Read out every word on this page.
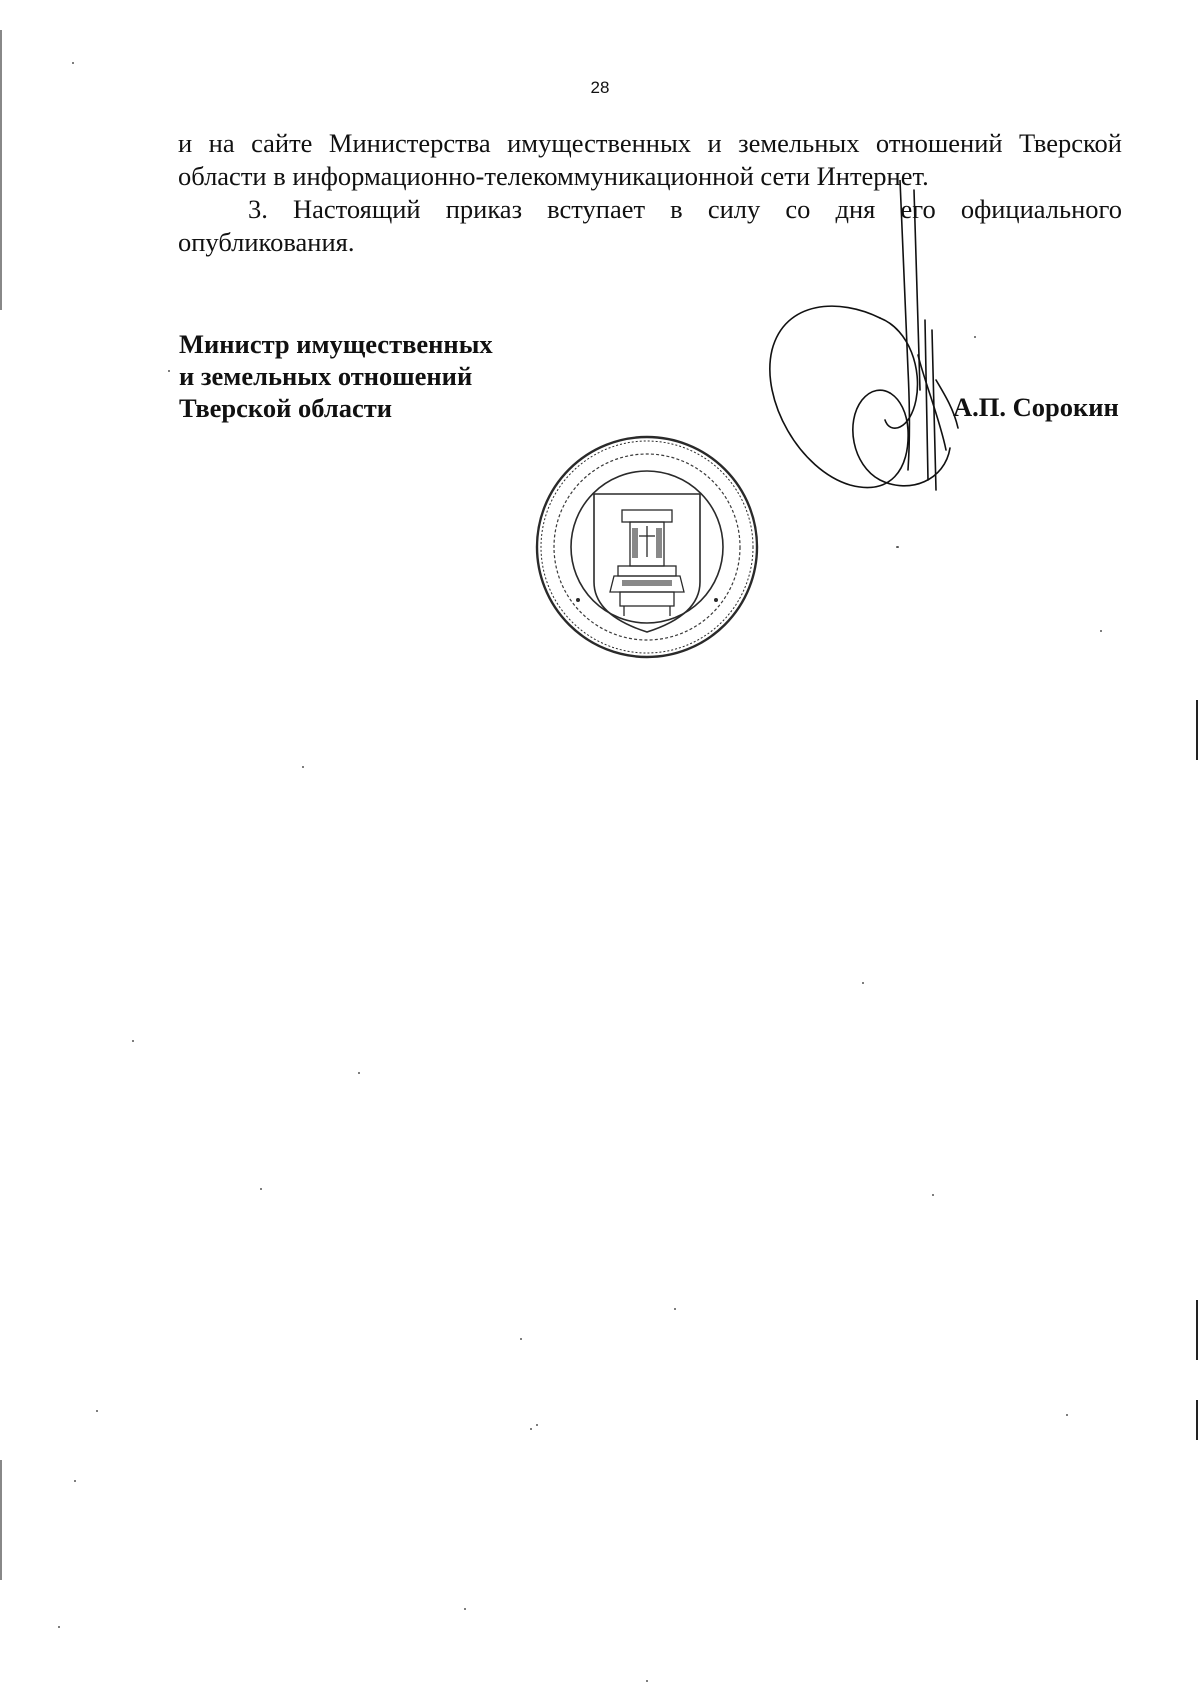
28

и на сайте Министерства имущественных и земельных отношений Тверской области в информационно-телекоммуникационной сети Интернет.

3. Настоящий приказ вступает в силу со дня его официального опубликования.

Министр имущественных
и земельных отношений
Тверской области	А.П. Сорокин
